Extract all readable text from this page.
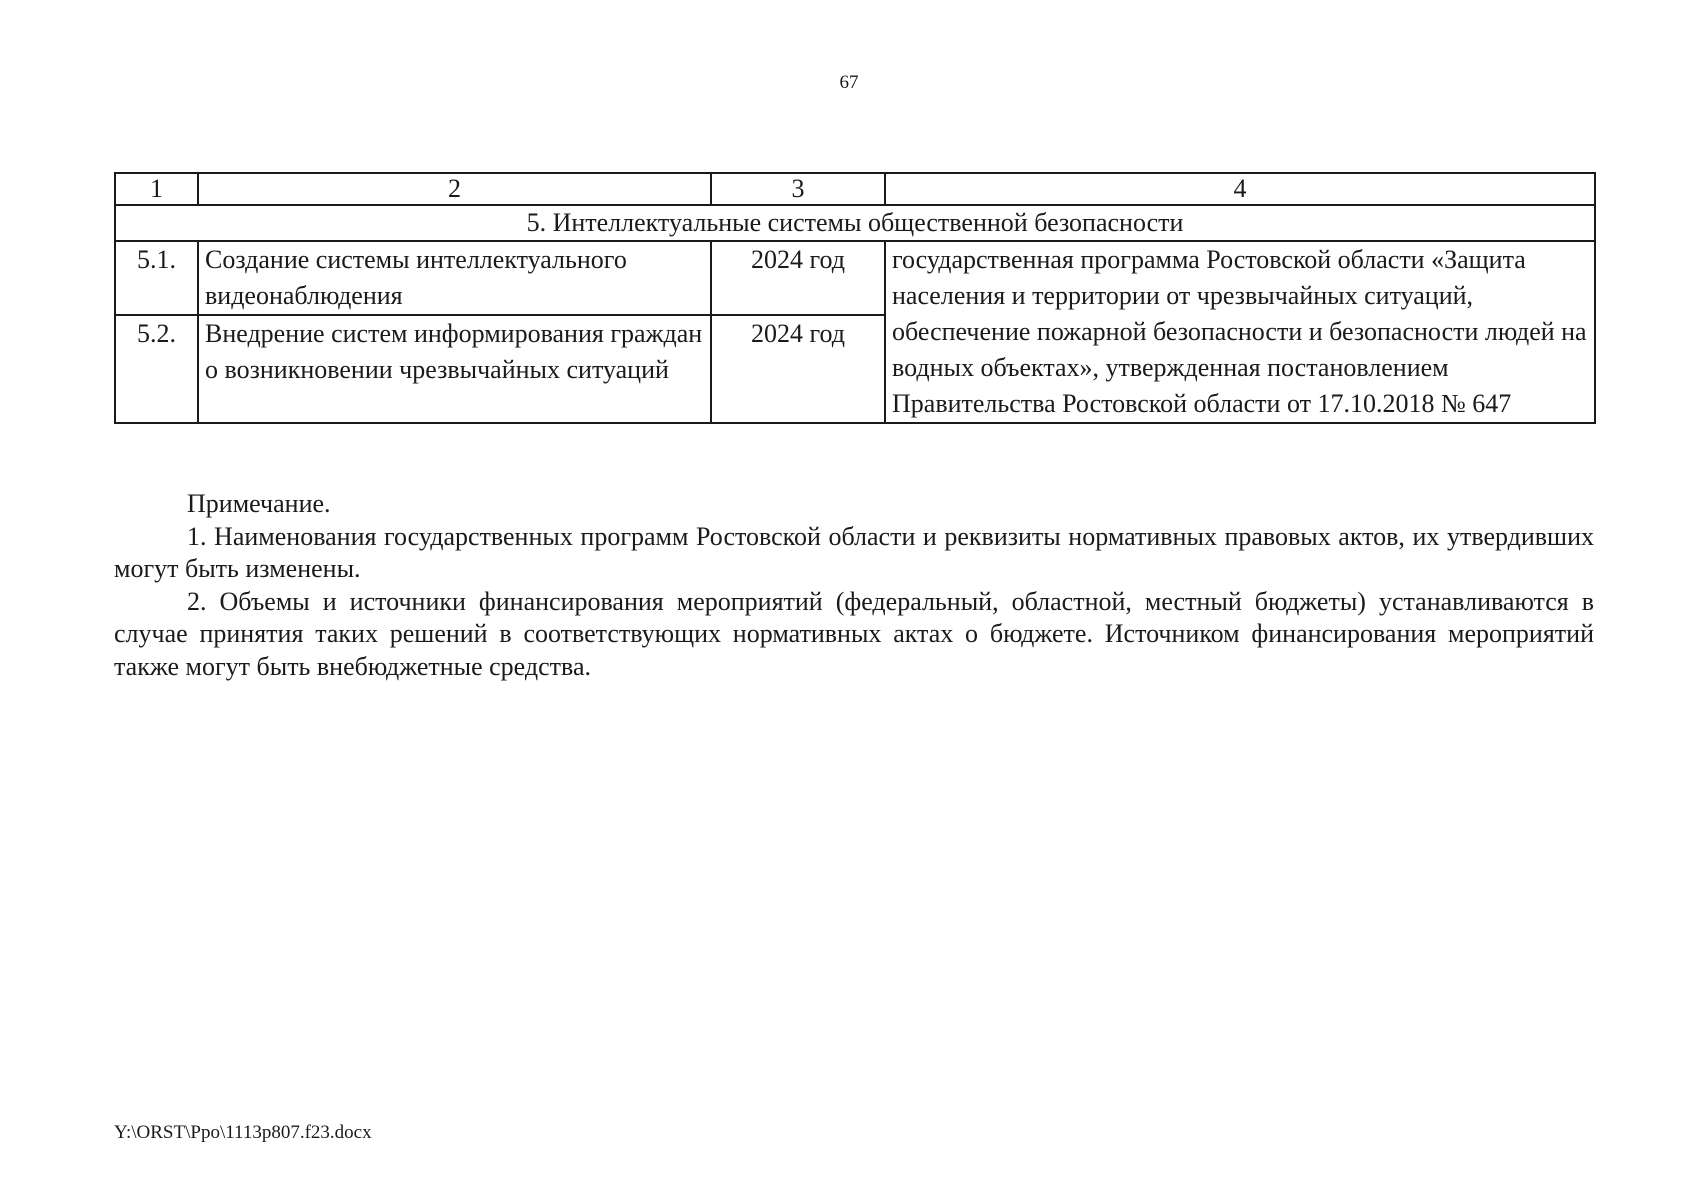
67
1	2	3	4
5. Интеллектуальные системы общественной безопасности			
5.1.	Создание системы интеллектуального видеонаблюдения	2024 год	государственная программа Ростовской области «Защита населения и территории от чрезвычайных ситуаций, обеспечение пожарной безопасности и безопасности людей на водных объектах», утвержденная постановлением Правительства Ростовской области от 17.10.2018 № 647
5.2.	Внедрение систем информирования граждан о возникновении чрезвычайных ситуаций	2024 год	

Примечание.

1. Наименования государственных программ Ростовской области и реквизиты нормативных правовых актов, их утвердивших могут быть изменены.

2. Объемы и источники финансирования мероприятий (федеральный, областной, местный бюджеты) устанавливаются в случае принятия таких решений в соответствующих нормативных актах о бюджете. Источником финансирования мероприятий также могут быть внебюджетные средства.

Y:\ORST\Ppo\1113p807.f23.docx
